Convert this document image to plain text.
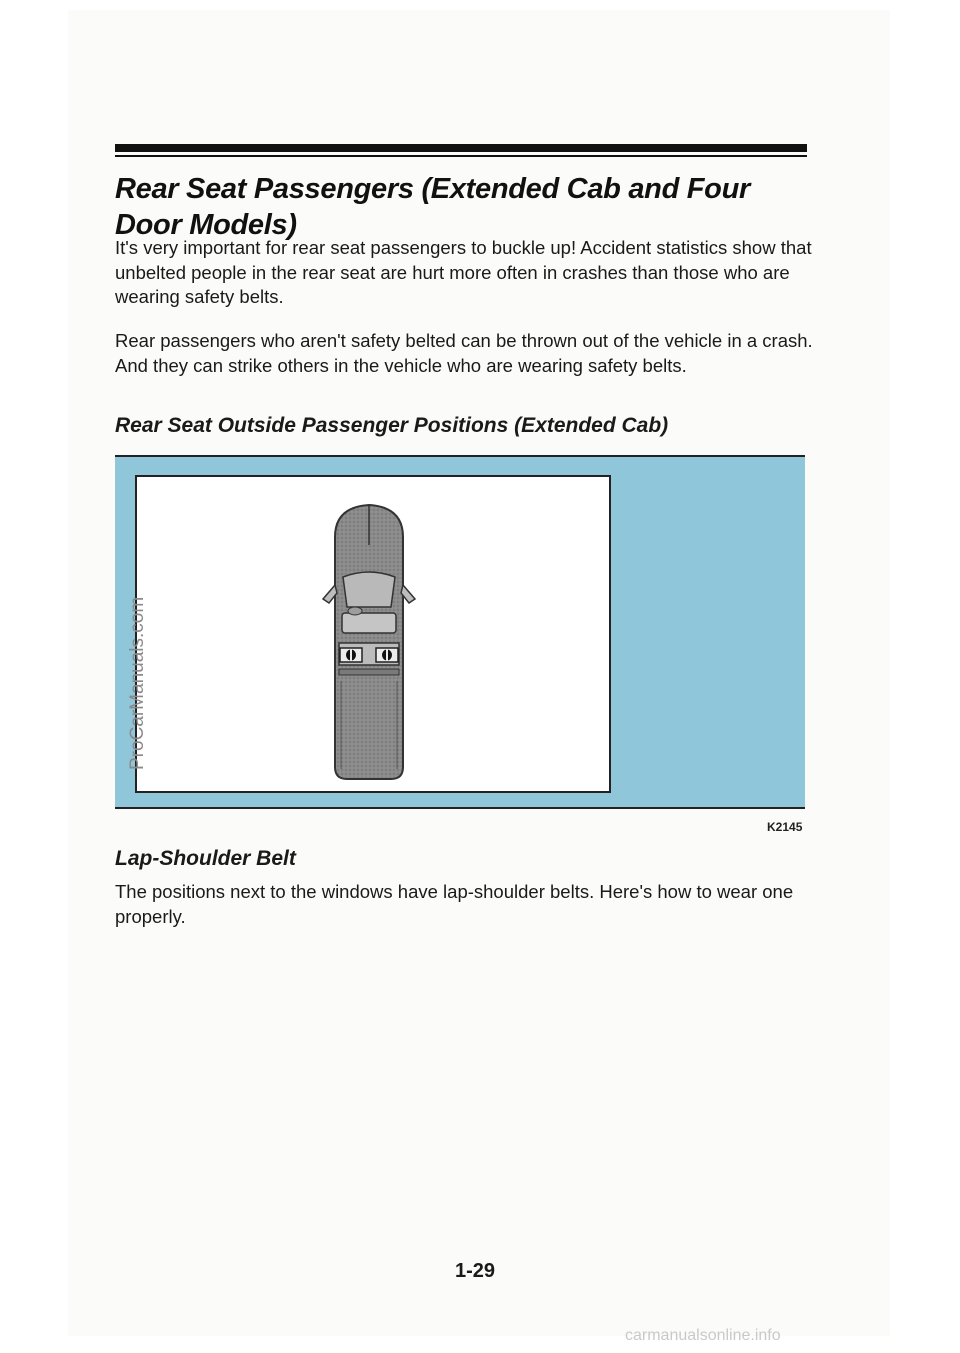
Rear Seat Passengers (Extended Cab and Four Door Models)
It's very important for rear seat passengers to buckle up! Accident statistics show that unbelted people in the rear seat are hurt more often in crashes than those who are wearing safety belts.
Rear passengers who aren't safety belted can be thrown out of the vehicle in a crash. And they can strike others in the vehicle who are wearing safety belts.
Rear Seat Outside Passenger Positions (Extended Cab)
K2145
Lap-Shoulder Belt
The positions next to the windows have lap-shoulder belts. Here's how to wear one properly.
1-29
ProCarManuals.com
carmanualsonline.info
